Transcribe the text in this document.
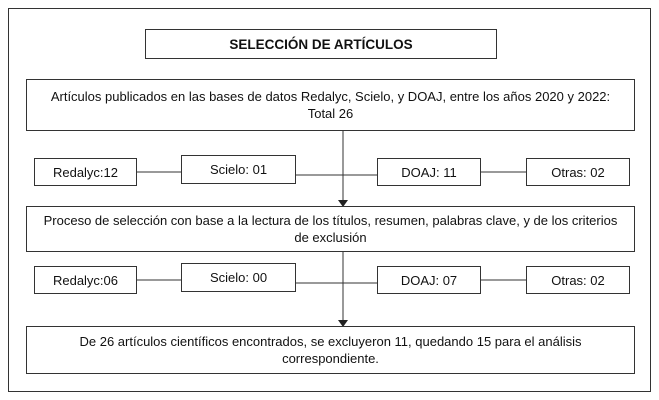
SELECCIÓN DE ARTÍCULOS
Artículos publicados en las bases de datos Redalyc, Scielo, y DOAJ, entre los años 2020 y 2022: Total 26
Redalyc:12	Scielo: 01	DOAJ: 11	Otras: 02
Proceso de selección con base a la lectura de los títulos, resumen, palabras clave, y de los criterios de exclusión
Redalyc:06	Scielo: 00	DOAJ: 07	Otras: 02
De 26 artículos científicos encontrados, se excluyeron 11, quedando 15 para el análisis correspondiente.
